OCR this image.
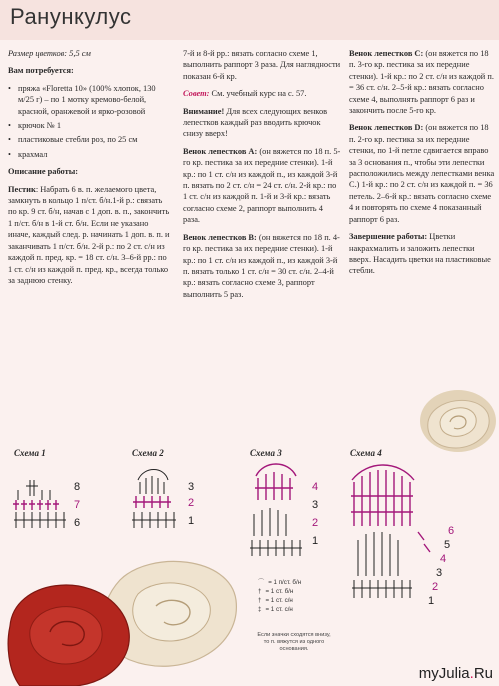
Ранункулус

Размер цветков: 5,5 см

Вам потребуется:

• пряжа «Floretta 10» (100% хлопок, 130 м/25 г) – по 1 мотку кремово-белой, красной, оранжевой и ярко-розовой
• крючок № 1
• пластиковые стебли роз, по 25 см
• крахмал

Описание работы:

Пестик: Набрать 6 в. п. желаемого цвета, замкнуть в кольцо 1 п/ст. б/н.1-й р.: связать по кр. 9 ст. б/н, начав с 1 доп. в. п., закончить 1 п/ст. б/н в 1-й ст. б/н. Если не указано иначе, каждый след. р. начинать 1 доп. в. п. и заканчивать 1 п/ст. б/н. 2-й р.: по 2 ст. с/н из каждой п. пред. кр. = 18 ст. с/н. 3–6-й рр.: по 1 ст. с/н из каждой п. пред. кр., всегда только за заднюю стенку.

7-й и 8-й рр.: вязать согласно схеме 1, выполнить раппорт 3 раза. Для наглядности показан 6-й кр.

Совет: См. учебный курс на с. 57.

Внимание! Для всех следующих венков лепестков каждый раз вводить крючок снизу вверх!

Венок лепестков A: (он вяжется по 18 п. 5-го кр. пестика за их передние стенки). 1-й кр.: по 1 ст. с/н из каждой п., из каждой 3-й п. вязать по 2 ст. с/н = 24 ст. с/н. 2-й кр.: по 1 ст. с/н из каждой п. 1-й и 3-й кр.: вязать согласно схеме 2, раппорт выполнить 4 раза.

Венок лепестков B: (он вяжется по 18 п. 4-го кр. пестика за их передние стенки). 1-й кр.: по 1 ст. с/н из каждой п., из каждой 3-й п. вязать только 1 ст. с/н = 30 ст. с/н. 2–4-й кр.: вязать согласно схеме 3, раппорт выполнить 5 раз.

Венок лепестков C: (он вяжется по 18 п. 3-го кр. пестика за их передние стенки). 1-й кр.: по 2 ст. с/н из каждой п. = 36 ст. с/н. 2–5-й кр.: вязать согласно схеме 4, выполнять раппорт 6 раз и закончить после 5-го кр.

Венок лепестков D: (он вяжется по 18 п. 2-го кр. пестика за их передние стенки, по 1-й петле сдвигается вправо за 3 основания п., чтобы эти лепестки расположились между лепестками венка C.) 1-й кр.: по 2 ст. с/н из каждой п. = 36 петель. 2–6-й кр.: вязать согласно схеме 4 и повторять по схеме 4 показанный раппорт 6 раз.

Завершение работы: Цветки накрахмалить и заложить лепестки вверх. Насадить цветки на пластиковые стебли.

Схема 1	Схема 2	Схема 3	Схема 4
8
7
6
3
2
1
4
3
2
1
6
5
4
3
2
1
⌒ = 1 п/ст. б/н
† = 1 ст. б/н
† = 1 ст. с/н
‡ = 1 ст. с/н
Если значки сходятся внизу, то п. вяжутся из одного основания.
myJulia.Ru
